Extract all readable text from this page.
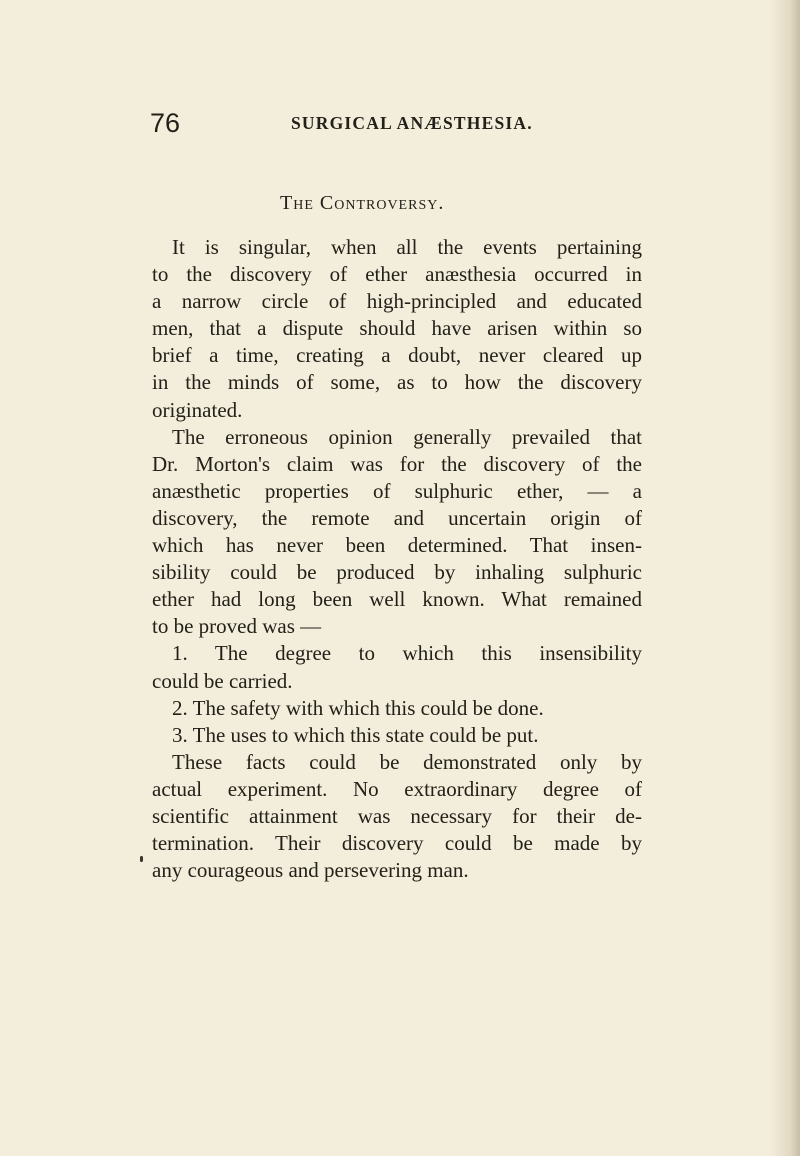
76	SURGICAL ANÆSTHESIA.
The Controversy.
It is singular, when all the events pertaining
to the discovery of ether anæsthesia occurred in
a narrow circle of high-principled and educated
men, that a dispute should have arisen within so
brief a time, creating a doubt, never cleared up
in the minds of some, as to how the discovery
originated.
The erroneous opinion generally prevailed that
Dr. Morton's claim was for the discovery of the
anæsthetic properties of sulphuric ether, — a
discovery, the remote and uncertain origin of
which has never been determined. That insen-
sibility could be produced by inhaling sulphuric
ether had long been well known. What remained
to be proved was —
1. The degree to which this insensibility
could be carried.
2. The safety with which this could be done.
3. The uses to which this state could be put.
These facts could be demonstrated only by
actual experiment. No extraordinary degree of
scientific attainment was necessary for their de-
termination. Their discovery could be made by
any courageous and persevering man.
